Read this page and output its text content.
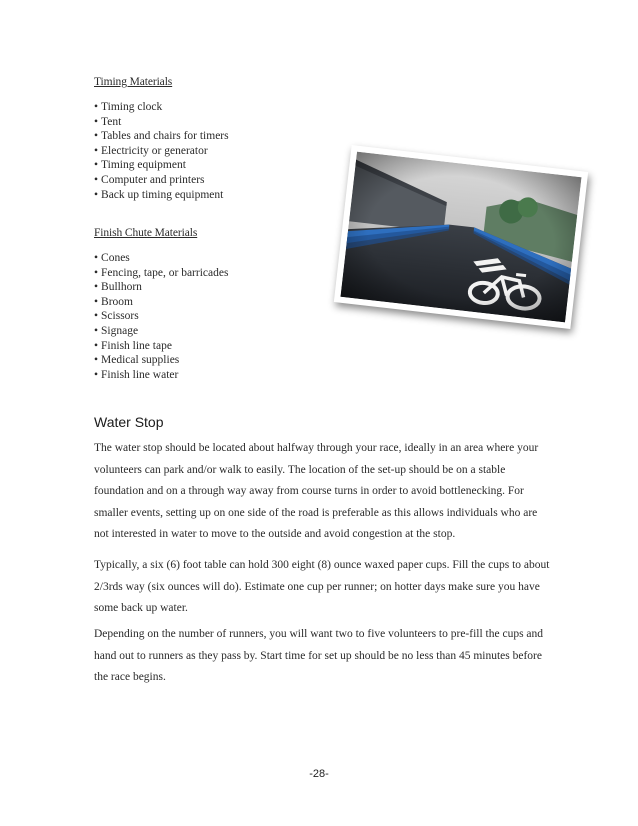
Timing Materials
• Timing clock
• Tent
• Tables and chairs for timers
• Electricity or generator
• Timing equipment
• Computer and printers
• Back up timing equipment
Finish Chute Materials
• Cones
• Fencing, tape, or barricades
• Bullhorn
• Broom
• Scissors
• Signage
• Finish line tape
• Medical supplies
• Finish line water
Water Stop

The water stop should be located about halfway through your race, ideally in an area where your volunteers can park and/or walk to easily. The location of the set-up should be on a stable foundation and on a through way away from course turns in order to avoid bottlenecking. For smaller events, setting up on one side of the road is preferable as this allows individuals who are not interested in water to move to the outside and avoid congestion at the stop.

Typically, a six (6) foot table can hold 300 eight (8) ounce waxed paper cups. Fill the cups to about 2/3rds way (six ounces will do). Estimate one cup per runner; on hotter days make sure you have some back up water.

Depending on the number of runners, you will want two to five volunteers to pre-fill the cups and hand out to runners as they pass by. Start time for set up should be no less than 45 minutes before the race begins.

-28-
